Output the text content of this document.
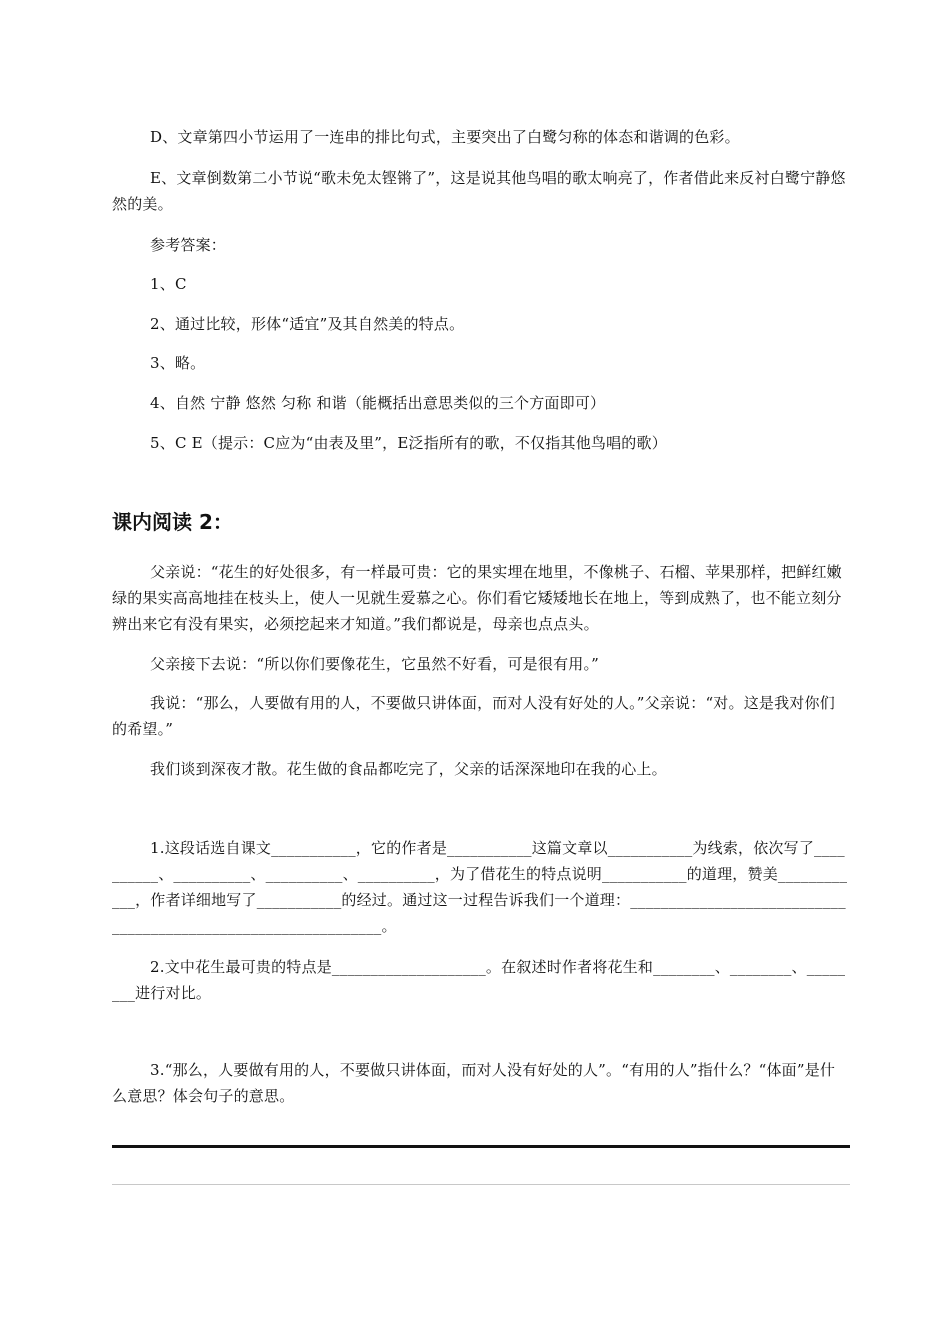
D、文章第四小节运用了一连串的排比句式，主要突出了白鹭匀称的体态和谐调的色彩。

E、文章倒数第二小节说“歌未免太铿锵了”，这是说其他鸟唱的歌太响亮了，作者借此来反衬白鹭宁静悠然的美。

参考答案：

1、C

2、通过比较，形体“适宜”及其自然美的特点。

3、略。

4、自然 宁静 悠然 匀称 和谐（能概括出意思类似的三个方面即可）

5、C E（提示：C应为“由表及里”，E泛指所有的歌，不仅指其他鸟唱的歌）

课内阅读 2：

父亲说：“花生的好处很多，有一样最可贵：它的果实埋在地里，不像桃子、石榴、苹果那样，把鲜红嫩绿的果实高高地挂在枝头上，使人一见就生爱慕之心。你们看它矮矮地长在地上，等到成熟了，也不能立刻分辨出来它有没有果实，必须挖起来才知道。”我们都说是，母亲也点点头。

父亲接下去说：“所以你们要像花生，它虽然不好看，可是很有用。”

我说：“那么，人要做有用的人，不要做只讲体面，而对人没有好处的人。”父亲说：“对。这是我对你们的希望。”

我们谈到深夜才散。花生做的食品都吃完了，父亲的话深深地印在我的心上。

1.这段话选自课文___________，它的作者是___________这篇文章以___________为线索，依次写了__________、__________、__________、__________，为了借花生的特点说明___________的道理，赞美____________，作者详细地写了___________的经过。通过这一过程告诉我们一个道理：_______________________________________________________________。

2.文中花生最可贵的特点是____________________。在叙述时作者将花生和________、________、________进行对比。

3.“那么，人要做有用的人，不要做只讲体面，而对人没有好处的人”。“有用的人”指什么？“体面”是什么意思？体会句子的意思。
